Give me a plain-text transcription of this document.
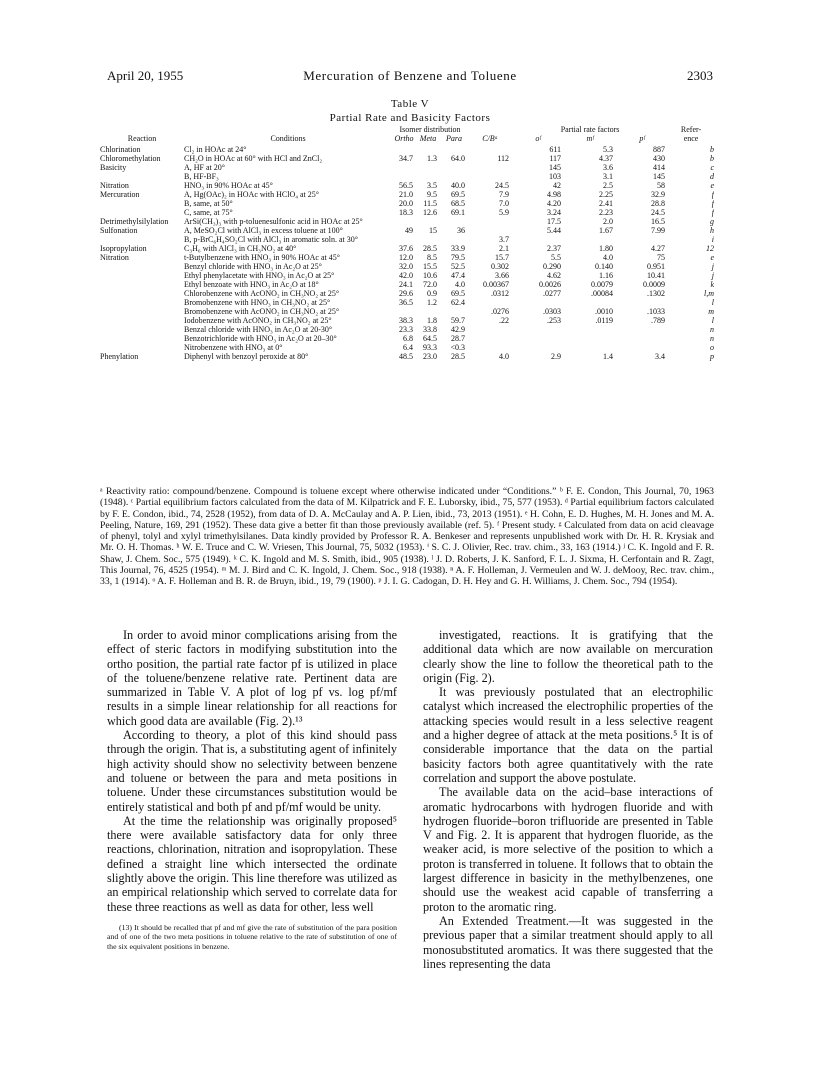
April 20, 1955	Mercuration of Benzene and Toluene	2303
Table V
Partial Rate and Basicity Factors
		Isomer distribution				Partial rate factors			Refer-
Reaction	Conditions	Ortho	Meta	Para	C/Bᵃ	oᶠ	mᶠ	pᶠ	ence
Chlorination	Cl₂ in HOAc at 24°					611	5.3	887	b
Chloromethylation	CH₂O in HOAc at 60° with HCl and ZnCl₂	34.7	1.3	64.0	112	117	4.37	430	b
Basicity	A, HF at 20°					145	3.6	414	c
	B, HF-BF₃					103	3.1	145	d
Nitration	HNO₃ in 90% HOAc at 45°	56.5	3.5	40.0	24.5	42	2.5	58	e
Mercuration	A, Hg(OAc)₂ in HOAc with HClO₄ at 25°	21.0	9.5	69.5	7.9	4.98	2.25	32.9	f
	B, same, at 50°	20.0	11.5	68.5	7.0	4.20	2.41	28.8	f
	C, same, at 75°	18.3	12.6	69.1	5.9	3.24	2.23	24.5	f
Detrimethylsilylation	ArSi(CH₃)₃ with p-toluenesulfonic acid in HOAc at 25°					17.5	2.0	16.5	g
Sulfonation	A, MeSO₂Cl with AlCl₃ in excess toluene at 100°	49	15	36		5.44	1.67	7.99	h
	B, p-BrC₆H₄SO₂Cl with AlCl₃ in aromatic soln. at 30°				3.7				i
Isopropylation	C₃H₆ with AlCl₃ in CH₃NO₂ at 40°	37.6	28.5	33.9	2.1	2.37	1.80	4.27	12
Nitration	t-Butylbenzene with HNO₃ in 90% HOAc at 45°	12.0	8.5	79.5	15.7	5.5	4.0	75	e
	Benzyl chloride with HNO₃ in Ac₂O at 25°	32.0	15.5	52.5	0.302	0.290	0.140	0.951	j
	Ethyl phenylacetate with HNO₃ in Ac₂O at 25°	42.0	10.6	47.4	3.66	4.62	1.16	10.41	j
	Ethyl benzoate with HNO₃ in Ac₂O at 18°	24.1	72.0	4.0	0.00367	0.0026	0.0079	0.0009	k
	Chlorobenzene with AcONO₂ in CH₃NO₂ at 25°	29.6	0.9	69.5	.0312	.0277	.00084	.1302	l,m
	Bromobenzene with HNO₃ in CH₃NO₂ at 25°	36.5	1.2	62.4					l
	Bromobenzene with AcONO₂ in CH₃NO₂ at 25°				.0276	.0303	.0010	.1033	m
	Iodobenzene with AcONO₂ in CH₃NO₂ at 25°	38.3	1.8	59.7	.22	.253	.0119	.789	l
	Benzal chloride with HNO₃ in Ac₂O at 20-30°	23.3	33.8	42.9					n
	Benzotrichloride with HNO₃ in Ac₂O at 20–30°	6.8	64.5	28.7					n
	Nitrobenzene with HNO₃ at 0°	6.4	93.3	<0.3					o
Phenylation	Diphenyl with benzoyl peroxide at 80°	48.5	23.0	28.5	4.0	2.9	1.4	3.4	p
ᵃ Reactivity ratio: compound/benzene. Compound is toluene except where otherwise indicated under “Conditions.” ᵇ F. E. Condon, This Journal, 70, 1963 (1948). ᶜ Partial equilibrium factors calculated from the data of M. Kilpatrick and F. E. Luborsky, ibid., 75, 577 (1953). ᵈ Partial equilibrium factors calculated by F. E. Condon, ibid., 74, 2528 (1952), from data of D. A. McCaulay and A. P. Lien, ibid., 73, 2013 (1951). ᵉ H. Cohn, E. D. Hughes, M. H. Jones and M. A. Peeling, Nature, 169, 291 (1952). These data give a better fit than those previously available (ref. 5). ᶠ Present study. ᵍ Calculated from data on acid cleavage of phenyl, tolyl and xylyl trimethylsilanes. Data kindly provided by Professor R. A. Benkeser and represents unpublished work with Dr. H. R. Krysiak and Mr. O. H. Thomas. ʰ W. E. Truce and C. W. Vriesen, This Journal, 75, 5032 (1953). ⁱ S. C. J. Olivier, Rec. trav. chim., 33, 163 (1914.) ʲ C. K. Ingold and F. R. Shaw, J. Chem. Soc., 575 (1949). ᵏ C. K. Ingold and M. S. Smith, ibid., 905 (1938). ˡ J. D. Roberts, J. K. Sanford, F. L. J. Sixma, H. Cerfontain and R. Zagt, This Journal, 76, 4525 (1954). ᵐ M. J. Bird and C. K. Ingold, J. Chem. Soc., 918 (1938). ⁿ A. F. Holleman, J. Vermeulen and W. J. deMooy, Rec. trav. chim., 33, 1 (1914). ᵒ A. F. Holleman and B. R. de Bruyn, ibid., 19, 79 (1900). ᵖ J. I. G. Cadogan, D. H. Hey and G. H. Williams, J. Chem. Soc., 794 (1954).

In order to avoid minor complications arising from the effect of steric factors in modifying substitution into the ortho position, the partial rate factor pf is utilized in place of the toluene/benzene relative rate. Pertinent data are summarized in Table V. A plot of log pf vs. log pf/mf results in a simple linear relationship for all reactions for which good data are available (Fig. 2).¹³

According to theory, a plot of this kind should pass through the origin. That is, a substituting agent of infinitely high activity should show no selectivity between benzene and toluene or between the para and meta positions in toluene. Under these circumstances substitution would be entirely statistical and both pf and pf/mf would be unity.

At the time the relationship was originally proposed⁵ there were available satisfactory data for only three reactions, chlorination, nitration and isopropylation. These defined a straight line which intersected the ordinate slightly above the origin. This line therefore was utilized as an empirical relationship which served to correlate data for these three reactions as well as data for other, less well

(13) It should be recalled that pf and mf give the rate of substitution of the para position and of one of the two meta positions in toluene relative to the rate of substitution of one of the six equivalent positions in benzene.

investigated, reactions. It is gratifying that the additional data which are now available on mercuration clearly show the line to follow the theoretical path to the origin (Fig. 2).

It was previously postulated that an electrophilic catalyst which increased the electrophilic properties of the attacking species would result in a less selective reagent and a higher degree of attack at the meta positions.⁵ It is of considerable importance that the data on the partial basicity factors both agree quantitatively with the rate correlation and support the above postulate.

The available data on the acid–base interactions of aromatic hydrocarbons with hydrogen fluoride and with hydrogen fluoride–boron trifluoride are presented in Table V and Fig. 2. It is apparent that hydrogen fluoride, as the weaker acid, is more selective of the position to which a proton is transferred in toluene. It follows that to obtain the largest difference in basicity in the methylbenzenes, one should use the weakest acid capable of transferring a proton to the aromatic ring.

An Extended Treatment.—It was suggested in the previous paper that a similar treatment should apply to all monosubstituted aromatics. It was there suggested that the lines representing the data
